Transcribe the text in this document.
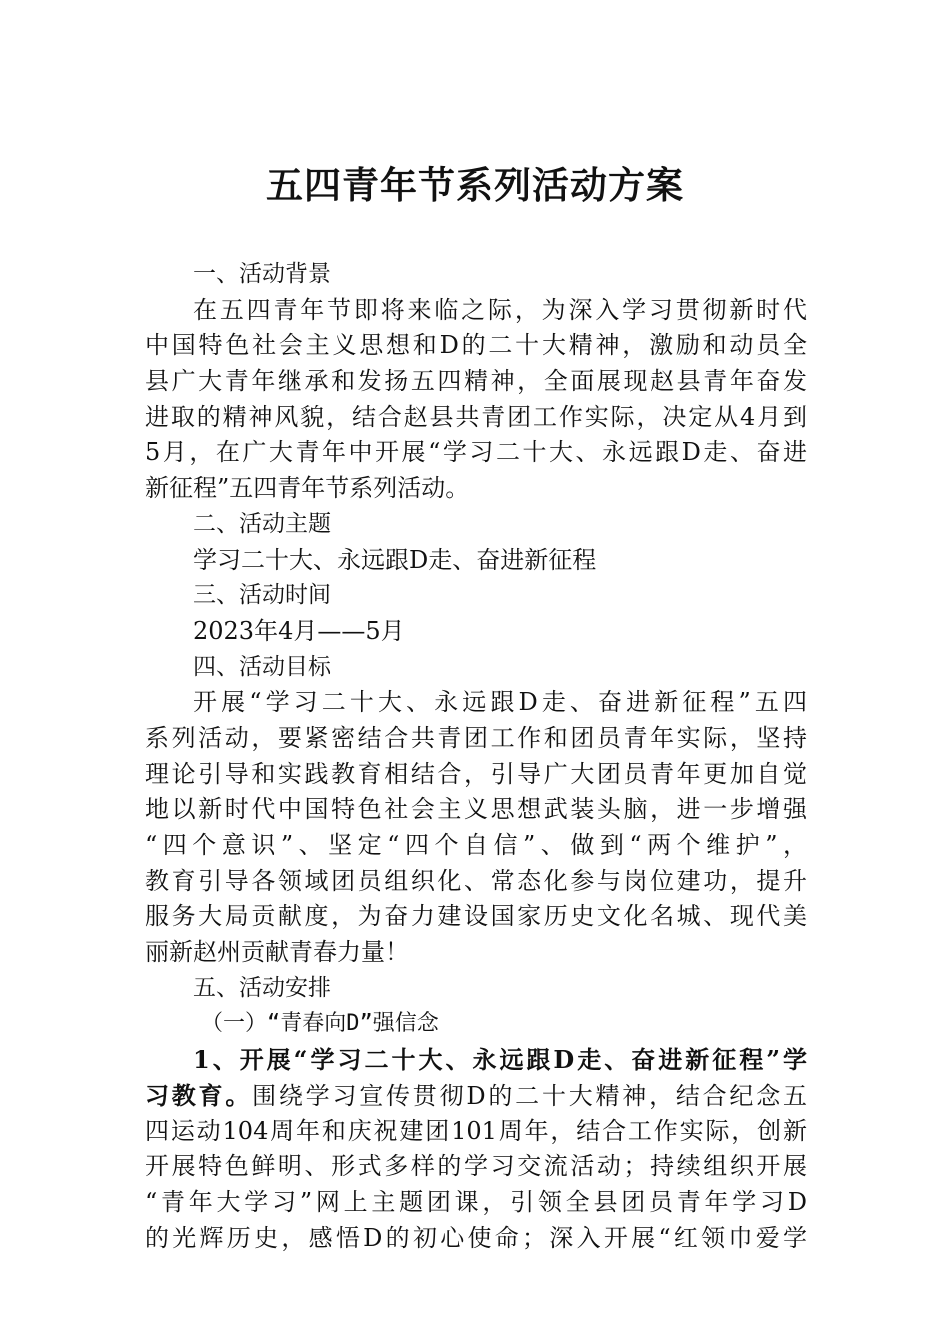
五四青年节系列活动方案
一、活动背景
在五四青年节即将来临之际，为深入学习贯彻新时代
中国特色社会主义思想和D的二十大精神，激励和动员全
县广大青年继承和发扬五四精神，全面展现赵县青年奋发
进取的精神风貌，结合赵县共青团工作实际，决定从4月到
5月，在广大青年中开展“学习二十大、永远跟D走、奋进
新征程”五四青年节系列活动。
二、活动主题
学习二十大、永远跟D走、奋进新征程
三、活动时间
2023年4月——5月
四、活动目标
开展“学习二十大、永远跟D走、奋进新征程”五四
系列活动，要紧密结合共青团工作和团员青年实际，坚持
理论引导和实践教育相结合，引导广大团员青年更加自觉
地以新时代中国特色社会主义思想武装头脑，进一步增强
“四个意识”、坚定“四个自信”、做到“两个维护”，
教育引导各领域团员组织化、常态化参与岗位建功，提升
服务大局贡献度，为奋力建设国家历史文化名城、现代美
丽新赵州贡献青春力量！
五、活动安排
（一）“青春向D”强信念
1、开展“学习二十大、永远跟D走、奋进新征程”学
习教育。围绕学习宣传贯彻D的二十大精神，结合纪念五
四运动104周年和庆祝建团101周年，结合工作实际，创新
开展特色鲜明、形式多样的学习交流活动；持续组织开展
“青年大学习”网上主题团课，引领全县团员青年学习D
的光辉历史，感悟D的初心使命；深入开展“红领巾爱学
